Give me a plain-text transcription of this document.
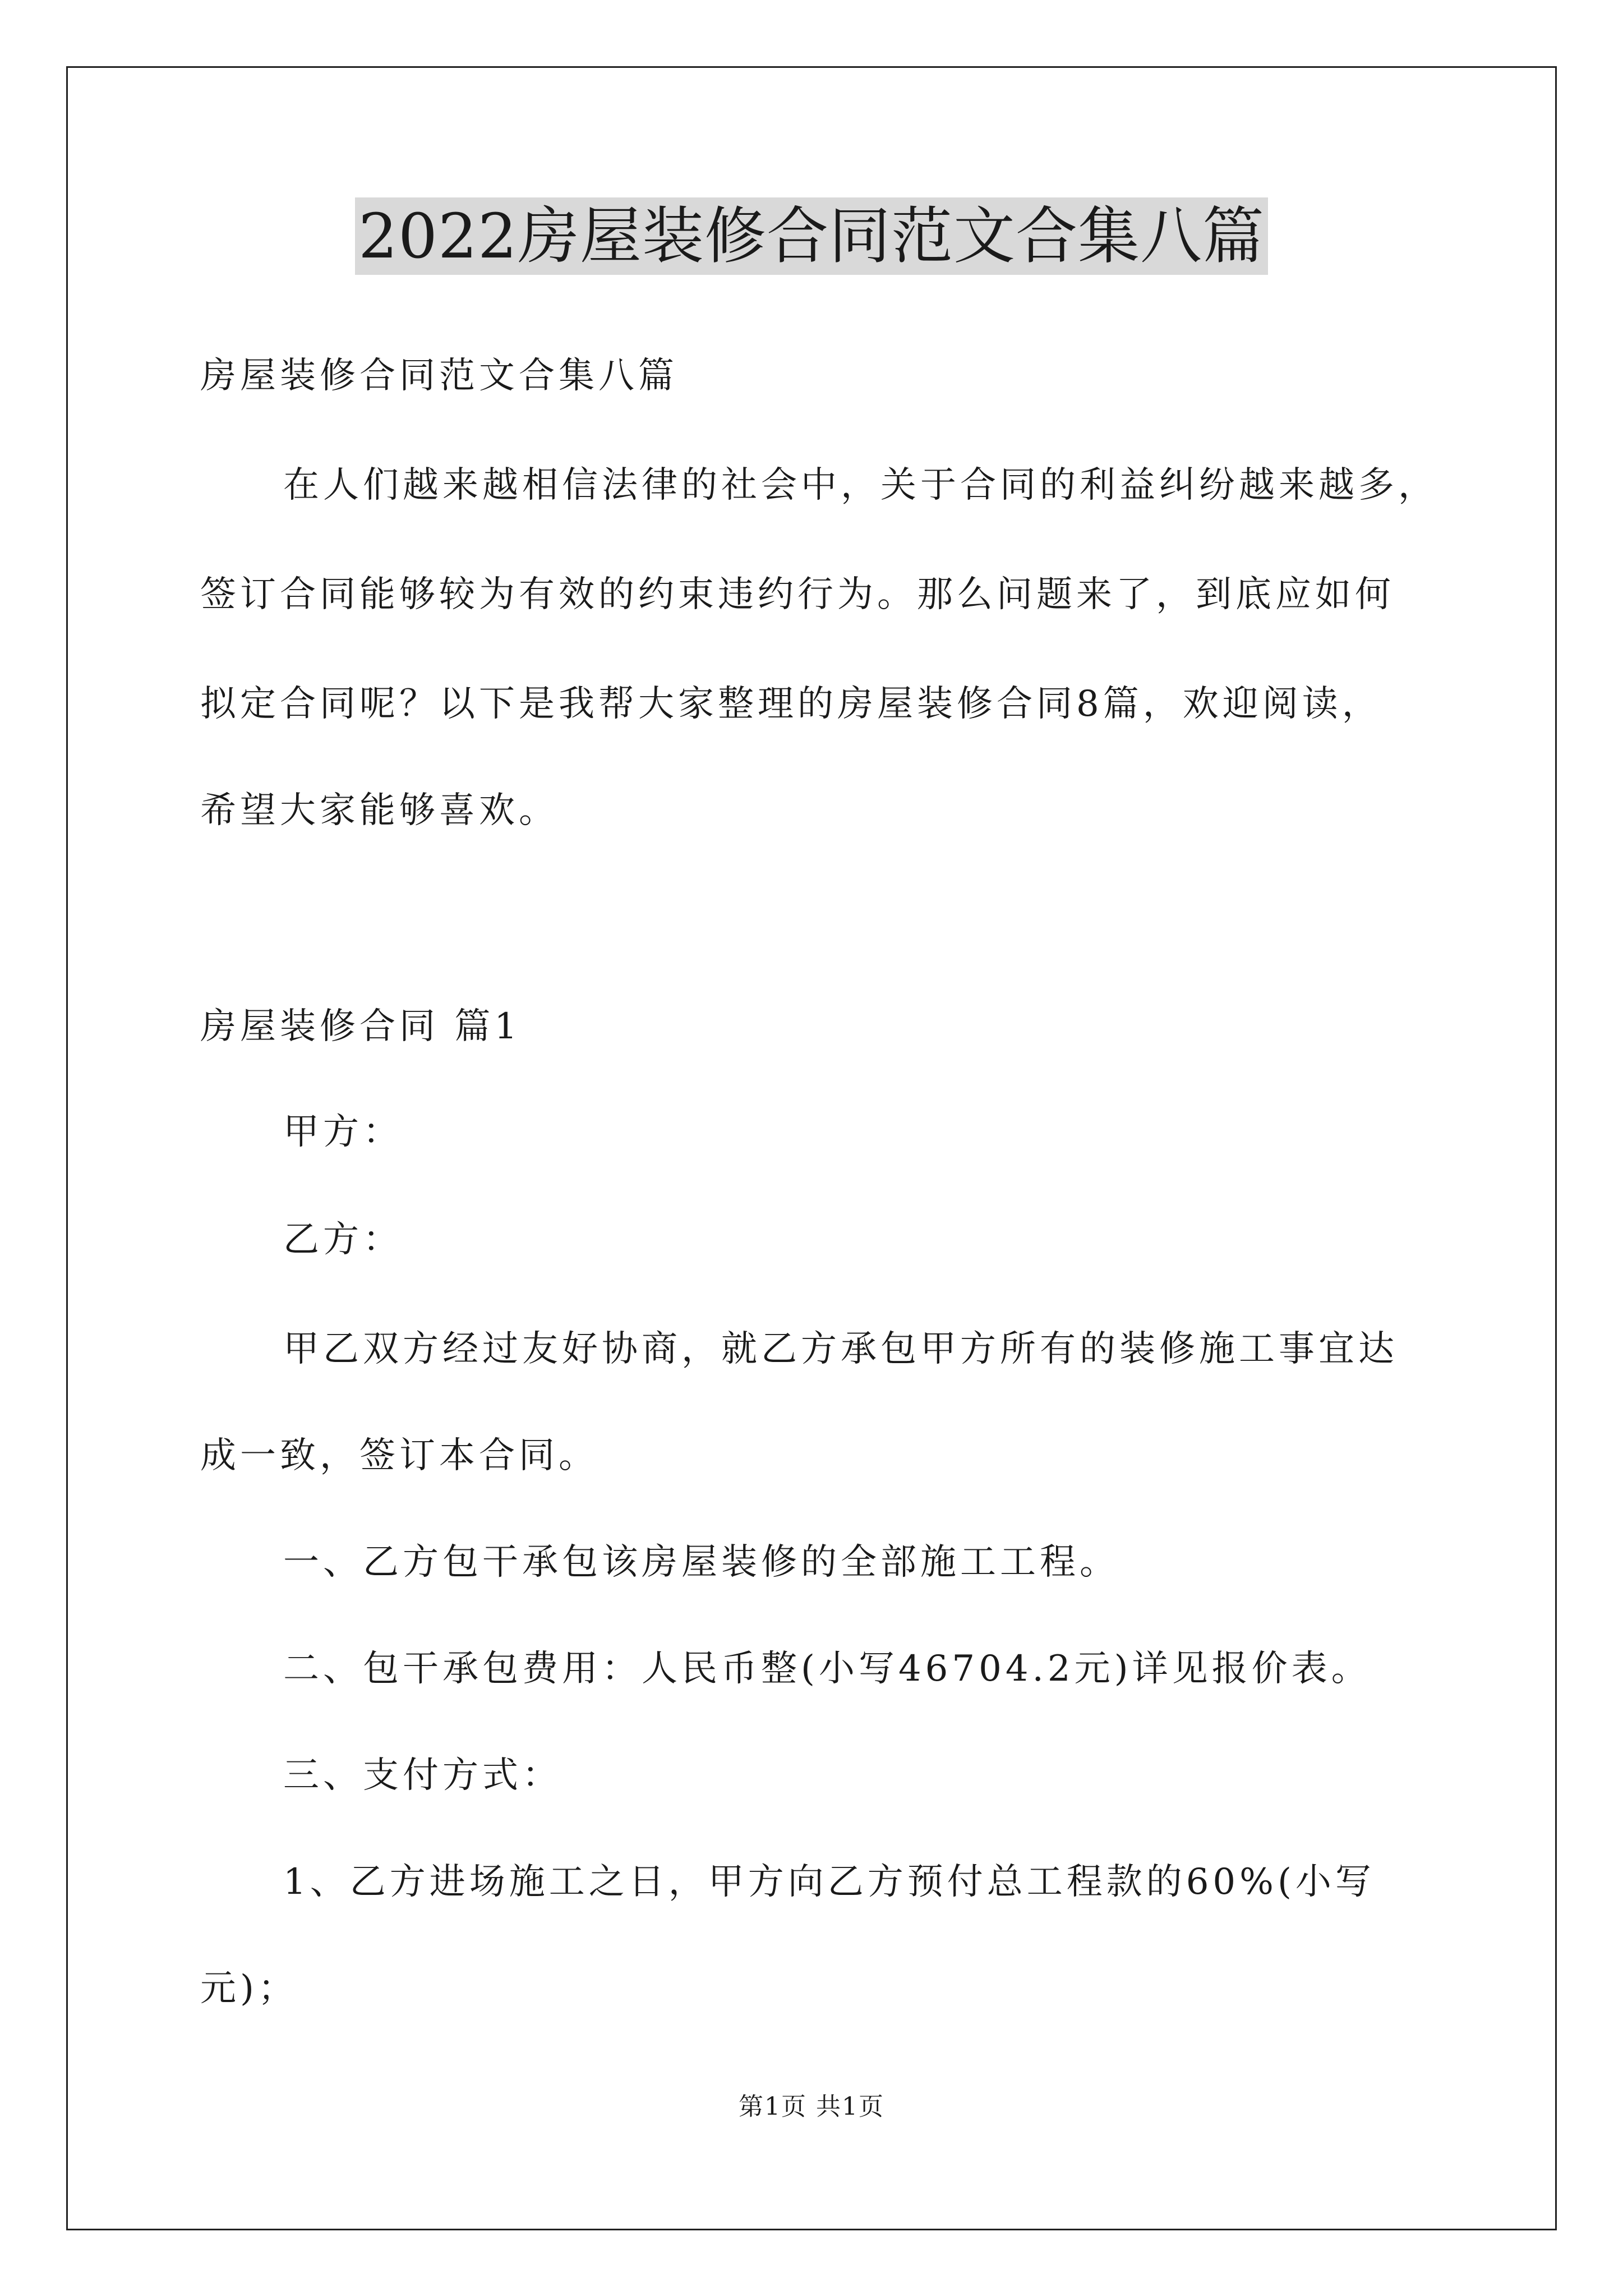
2022房屋装修合同范文合集八篇
房屋装修合同范文合集八篇
在人们越来越相信法律的社会中，关于合同的利益纠纷越来越多，
签订合同能够较为有效的约束违约行为。那么问题来了，到底应如何
拟定合同呢？以下是我帮大家整理的房屋装修合同8篇，欢迎阅读，
希望大家能够喜欢。
房屋装修合同 篇1
甲方：
乙方：
甲乙双方经过友好协商，就乙方承包甲方所有的装修施工事宜达
成一致，签订本合同。
一、乙方包干承包该房屋装修的全部施工工程。
二、包干承包费用：人民币整(小写46704.2元)详见报价表。
三、支付方式：
1、乙方进场施工之日，甲方向乙方预付总工程款的60%(小写
元)；
第1页 共1页
